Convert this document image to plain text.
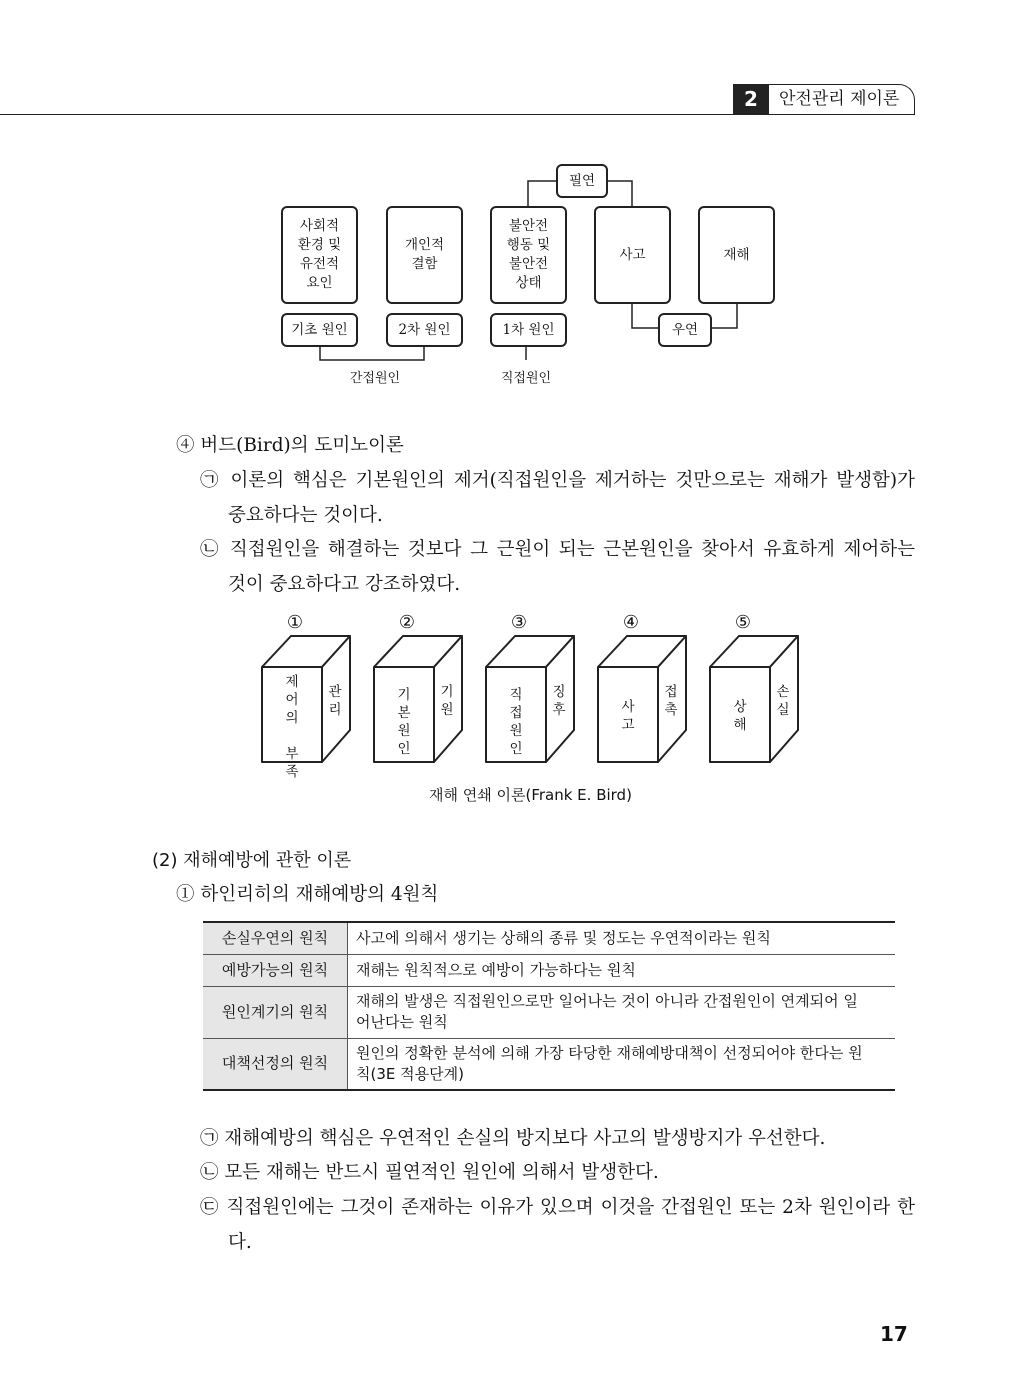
2	안전관리 제이론
필연
사회적
환경 및
유전적
요인
개인적
결함
불안전
행동 및
불안전
상태
사고	재해
기초 원인	2차 원인	1차 원인	우연
간접원인	직접원인
④ 버드(Bird)의 도미노이론
㉠ 이론의 핵심은 기본원인의 제거(직접원인을 제거하는 것만으로는 재해가 발생함)가
중요하다는 것이다.
㉡ 직접원인을 해결하는 것보다 그 근원이 되는 근본원인을 찾아서 유효하게 제어하는
것이 중요하다고 강조하였다.
①	②	③	④	⑤
제
어
의

부
족
관
리
기
본
원
인
기
원
직
접
원
인
징
후	사
고
접
촉	상
해
손
실
재해 연쇄 이론(Frank E. Bird)
(2) 재해예방에 관한 이론
① 하인리히의 재해예방의 4원칙
손실우연의 원칙	사고에 의해서 생기는 상해의 종류 및 정도는 우연적이라는 원칙
예방가능의 원칙	재해는 원칙적으로 예방이 가능하다는 원칙
원인계기의 원칙	재해의 발생은 직접원인으로만 일어나는 것이 아니라 간접원인이 연계되어 일어난다는 원칙
대책선정의 원칙	원인의 정확한 분석에 의해 가장 타당한 재해예방대책이 선정되어야 한다는 원칙(3E 적용단계)
㉠ 재해예방의 핵심은 우연적인 손실의 방지보다 사고의 발생방지가 우선한다.
㉡ 모든 재해는 반드시 필연적인 원인에 의해서 발생한다.
㉢ 직접원인에는 그것이 존재하는 이유가 있으며 이것을 간접원인 또는 2차 원인이라 한
다.
17
